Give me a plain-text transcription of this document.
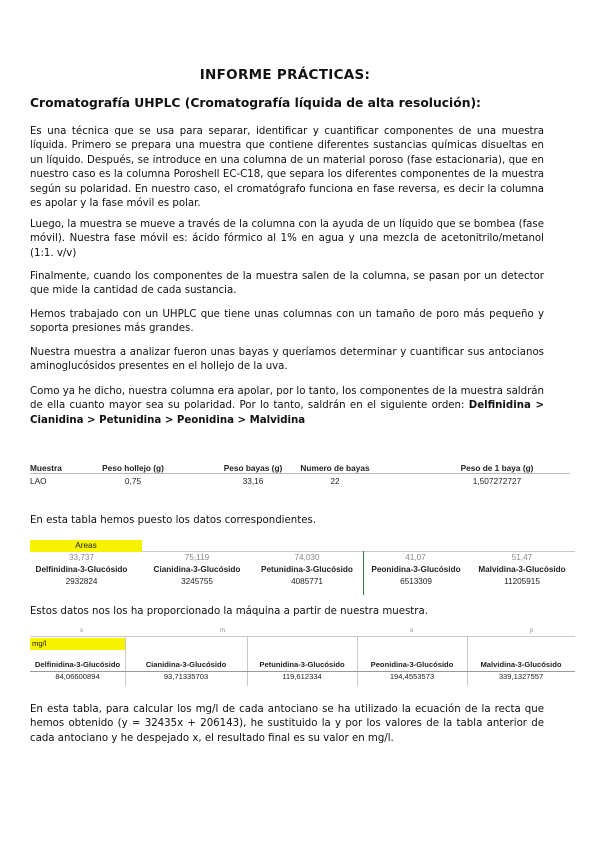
INFORME PRÁCTICAS:
Cromatografía UHPLC (Cromatografía líquida de alta resolución):

Es una técnica que se usa para separar, identificar y cuantificar componentes de una muestra líquida. Primero se prepara una muestra que contiene diferentes sustancias químicas disueltas en un líquido. Después, se introduce en una columna de un material poroso (fase estacionaria), que en nuestro caso es la columna Poroshell EC-C18, que separa los diferentes componentes de la muestra según su polaridad. En nuestro caso, el cromatógrafo funciona en fase reversa, es decir la columna es apolar y la fase móvil es polar.

Luego, la muestra se mueve a través de la columna con la ayuda de un líquido que se bombea (fase móvil). Nuestra fase móvil es: ácido fórmico al 1% en agua y una mezcla de acetonitrilo/metanol (1:1. v/v)

Finalmente, cuando los componentes de la muestra salen de la columna, se pasan por un detector que mide la cantidad de cada sustancia.

Hemos trabajado con un UHPLC que tiene unas columnas con un tamaño de poro más pequeño y soporta presiones más grandes.

Nuestra muestra a analizar fueron unas bayas y queríamos determinar y cuantificar sus antocianos aminoglucósidos presentes en el hollejo de la uva.

Como ya he dicho, nuestra columna era apolar, por lo tanto, los componentes de la muestra saldrán de ella cuanto mayor sea su polaridad. Por lo tanto, saldrán en el siguiente orden: Delfinidina > Cianidina > Petunidina > Peonidina > Malvidina

Muestra	Peso hollejo (g)	Peso bayas (g)	Numero de bayas	Peso de 1 baya (g)
LAO	0,75	33,16	22	1,507272727

En esta tabla hemos puesto los datos correspondientes.

Areas
33,737	75,119	74,030	41,07	51,47
Delfinidina-3-Glucósido	Cianidina-3-Glucósido	Petunidina-3-Glucósido	Peonidina-3-Glucósido	Malvidina-3-Glucósido
2932824	3245755	4085771	6513309	11205915

Estos datos nos los ha proporcionado la máquina a partir de nuestra muestra.

s	m	o	p
mg/l
Delfinidina-3-Glucósido	Cianidina-3-Glucósido	Petunidina-3-Glucósido	Peonidina-3-Glucósido	Malvidina-3-Glucósido
84,06600894	93,71335703	119,612334	194,4553573	339,1327557

En esta tabla, para calcular los mg/l de cada antociano se ha utilizado la ecuación de la recta que hemos obtenido (y = 32435x + 206143), he sustituido la y por los valores de la tabla anterior de cada antociano y he despejado x, el resultado final es su valor en mg/l.
